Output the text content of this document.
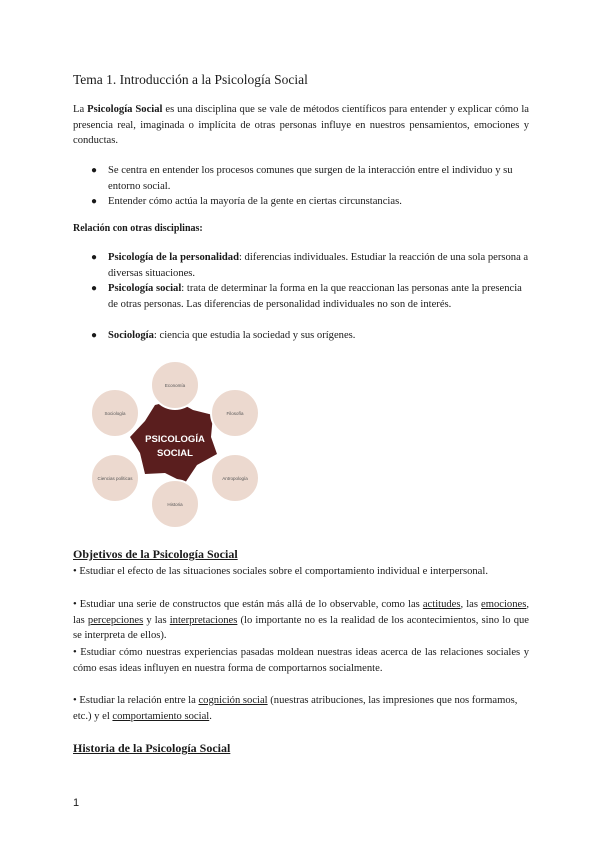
Tema 1. Introducción a la Psicología Social

La Psicología Social es una disciplina que se vale de métodos científicos para entender y explicar cómo la presencia real, imaginada o implícita de otras personas influye en nuestros pensamientos, emociones y conductas.

● Se centra en entender los procesos comunes que surgen de la interacción entre el individuo y su entorno social.
● Entender cómo actúa la mayoría de la gente en ciertas circunstancias.
Relación con otras disciplinas:
● Psicología de la personalidad: diferencias individuales. Estudiar la reacción de una sola persona a diversas situaciones.
● Psicología social: trata de determinar la forma en la que reaccionan las personas ante la presencia de otras personas. Las diferencias de personalidad individuales no son de interés.
● Sociología: ciencia que estudia la sociedad y sus orígenes.
PSICOLOGÍA
SOCIAL
Economía
Filosofía
Antropología
Historia
Ciencias políticas
Sociología
Objetivos de la Psicología Social

• Estudiar el efecto de las situaciones sociales sobre el comportamiento individual e interpersonal.

• Estudiar una serie de constructos que están más allá de lo observable, como las actitudes, las emociones, las percepciones y las interpretaciones (lo importante no es la realidad de los acontecimientos, sino lo que se interpreta de ellos).

• Estudiar cómo nuestras experiencias pasadas moldean nuestras ideas acerca de las relaciones sociales y cómo esas ideas influyen en nuestra forma de comportarnos socialmente.

• Estudiar la relación entre la cognición social (nuestras atribuciones, las impresiones que nos formamos, etc.) y el comportamiento social.

Historia de la Psicología Social
1
